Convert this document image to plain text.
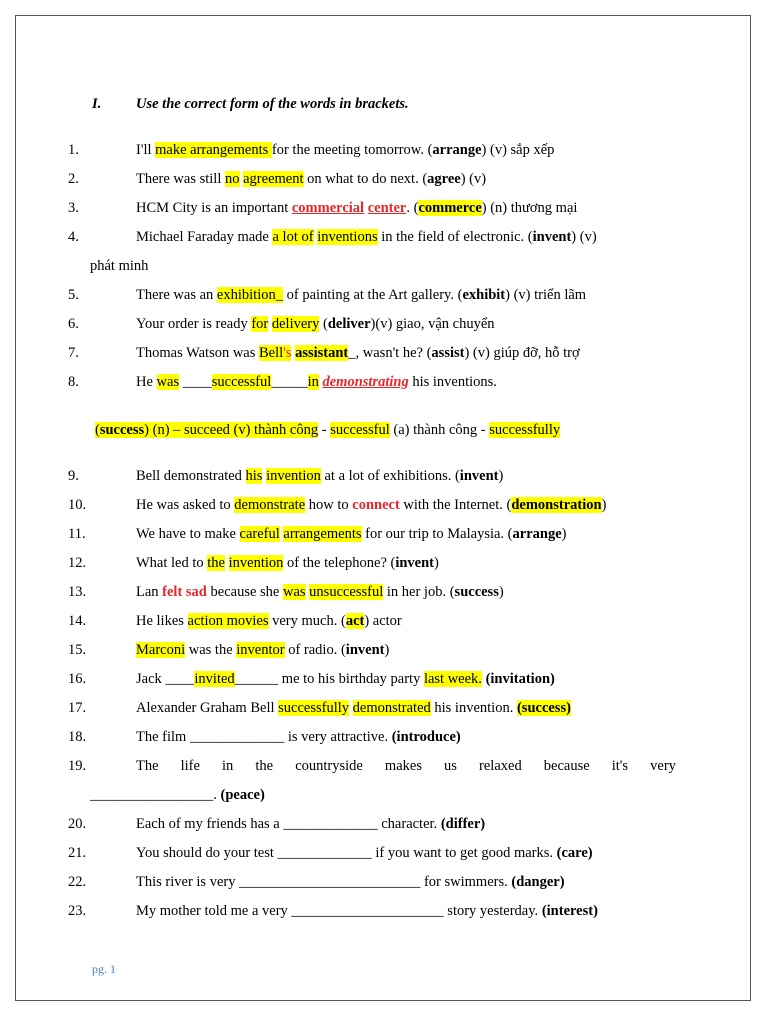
I. Use the correct form of the words in brackets.
1.	I'll make arrangements for the meeting tomorrow. (arrange) (v) sắp xếp
2.	There was still no agreement on what to do next. (agree) (v)
3.	HCM City is an important commercial center. (commerce) (n) thương mại
4.	Michael Faraday made a lot of inventions in the field of electronic. (invent) (v)
phát minh
5.	There was an exhibition_ of painting at the Art gallery. (exhibit) (v) triển lãm
6.	Your order is ready for delivery (deliver)(v) giao, vận chuyển
7.	Thomas Watson was Bell's assistant_, wasn't he? (assist) (v) giúp đỡ, hỗ trợ
8.	He was ____successful_____in demonstrating his inventions.
(success) (n) – succeed (v) thành công - successful (a) thành công - successfully
9.	Bell demonstrated his invention at a lot of exhibitions. (invent)
10.	He was asked to demonstrate how to connect with the Internet. (demonstration)
11.	We have to make careful arrangements for our trip to Malaysia. (arrange)
12.	What led to the invention of the telephone? (invent)
13.	Lan felt sad because she was unsuccessful in her job. (success)
14.	He likes action movies very much. (act) actor
15.	Marconi was the inventor of radio. (invent)
16.	Jack ____invited______ me to his birthday party last week. (invitation)
17.	Alexander Graham Bell successfully demonstrated his invention. (success)
18.	The film _____________ is very attractive. (introduce)
19.	The life in the countryside makes us relaxed because it's very
_________________. (peace)
20.	Each of my friends has a _____________ character. (differ)
21.	You should do your test _____________ if you want to get good marks. (care)
22.	This river is very _________________________ for swimmers. (danger)
23.	My mother told me a very _____________________ story yesterday. (interest)
pg. 1
